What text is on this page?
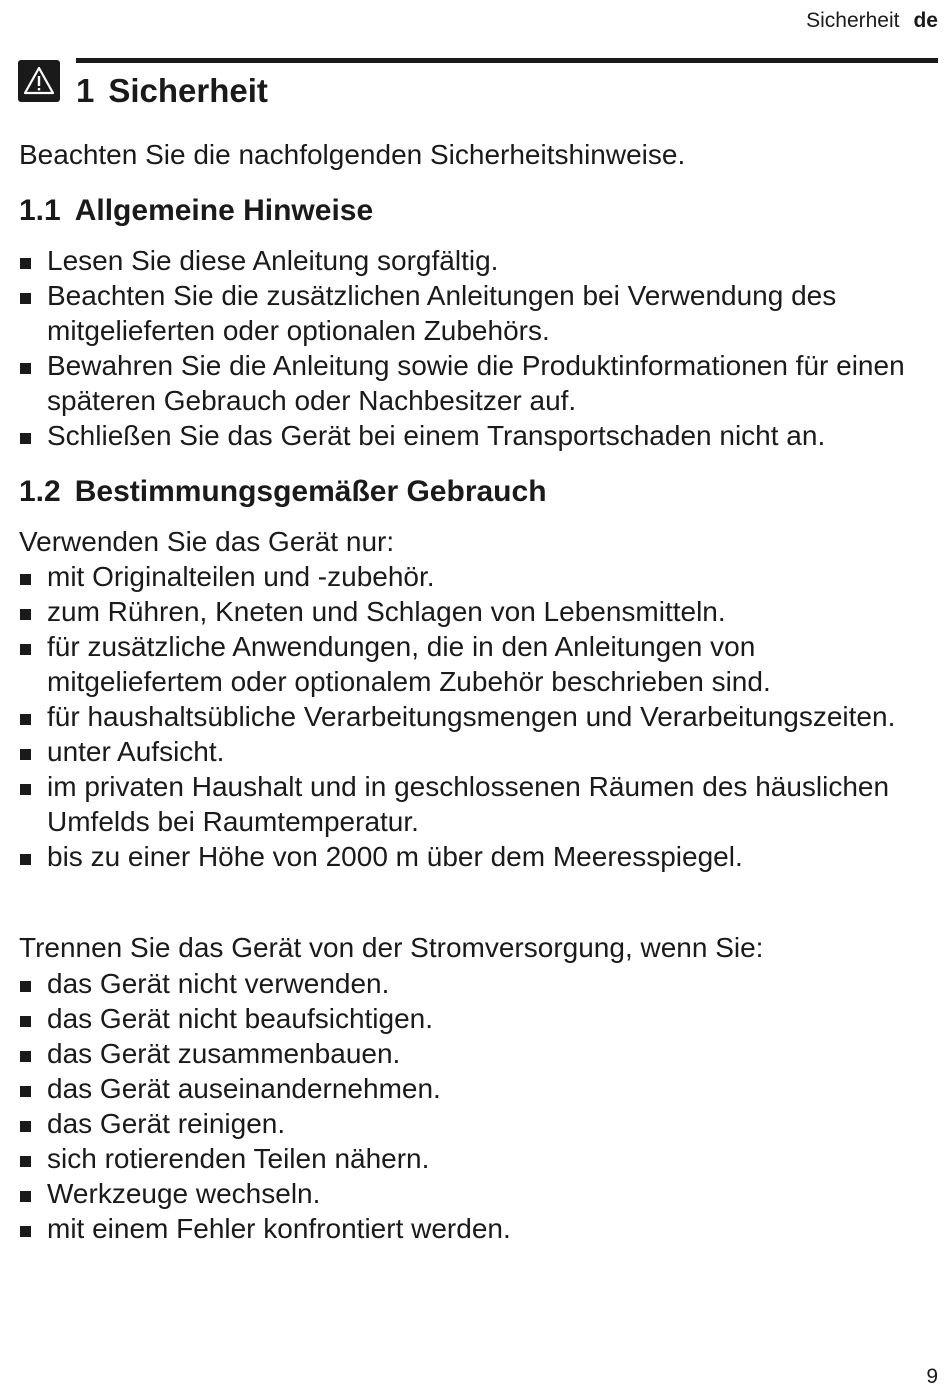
Sicherheit de
1 Sicherheit

Beachten Sie die nachfolgenden Sicherheitshinweise.

1.1 Allgemeine Hinweise
Lesen Sie diese Anleitung sorgfältig.
Beachten Sie die zusätzlichen Anleitungen bei Verwendung des mitgelieferten oder optionalen Zubehörs.
Bewahren Sie die Anleitung sowie die Produktinformationen für einen späteren Gebrauch oder Nachbesitzer auf.
Schließen Sie das Gerät bei einem Transportschaden nicht an.
1.2 Bestimmungsgemäßer Gebrauch

Verwenden Sie das Gerät nur:

mit Originalteilen und -zubehör.
zum Rühren, Kneten und Schlagen von Lebensmitteln.
für zusätzliche Anwendungen, die in den Anleitungen von mitgeliefertem oder optionalem Zubehör beschrieben sind.
für haushaltsübliche Verarbeitungsmengen und Verarbeitungszeiten.
unter Aufsicht.
im privaten Haushalt und in geschlossenen Räumen des häuslichen Umfelds bei Raumtemperatur.
bis zu einer Höhe von 2000 m über dem Meeresspiegel.

Trennen Sie das Gerät von der Stromversorgung, wenn Sie:

das Gerät nicht verwenden.
das Gerät nicht beaufsichtigen.
das Gerät zusammenbauen.
das Gerät auseinandernehmen.
das Gerät reinigen.
sich rotierenden Teilen nähern.
Werkzeuge wechseln.
mit einem Fehler konfrontiert werden.
9
